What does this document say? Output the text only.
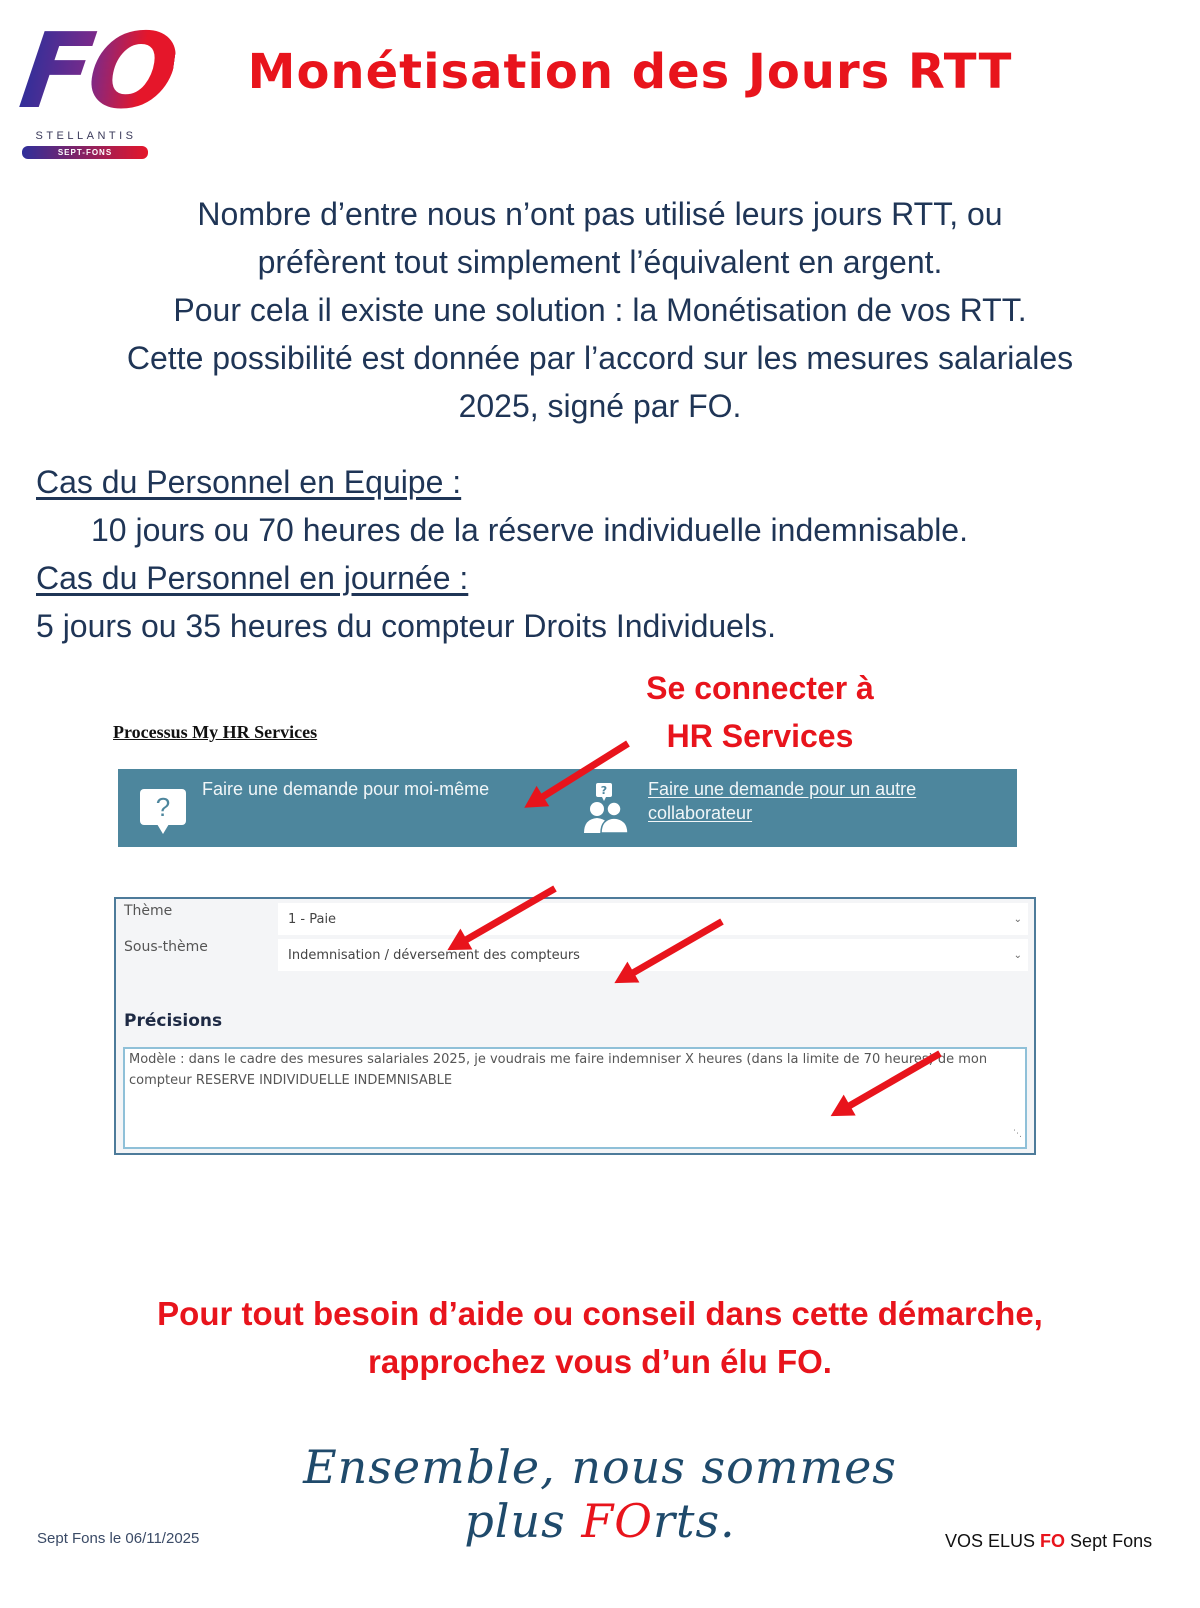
FO
STELLANTIS
SEPT-FONS
Monétisation des Jours RTT
Nombre d’entre nous n’ont pas utilisé leurs jours RTT, ou
préfèrent tout simplement l’équivalent en argent.
Pour cela il existe une solution : la Monétisation de vos RTT.
Cette possibilité est donnée par l’accord sur les mesures salariales
2025, signé par FO.
Cas du Personnel en Equipe :
10 jours ou 70 heures de la réserve individuelle indemnisable.
Cas du Personnel en journée :
5 jours ou 35 heures du compteur Droits Individuels.
Se connecter à
HR Services
Processus My HR Services
?
Faire une demande pour moi-même	? Faire une demande pour un autre collaborateur
Thème
1 - Paie	⌄
Sous-thème
Indemnisation / déversement des compteurs	⌄
Précisions
Modèle : dans le cadre des mesures salariales 2025, je voudrais me faire indemniser X heures (dans la limite de 70 heures) de mon compteur RESERVE INDIVIDUELLE INDEMNISABLE
⋱
Pour tout besoin d’aide ou conseil dans cette démarche,
rapprochez vous d’un élu FO.
Ensemble, nous sommes plus FOrts.
Sept Fons le 06/11/2025	VOS ELUS FO Sept Fons
